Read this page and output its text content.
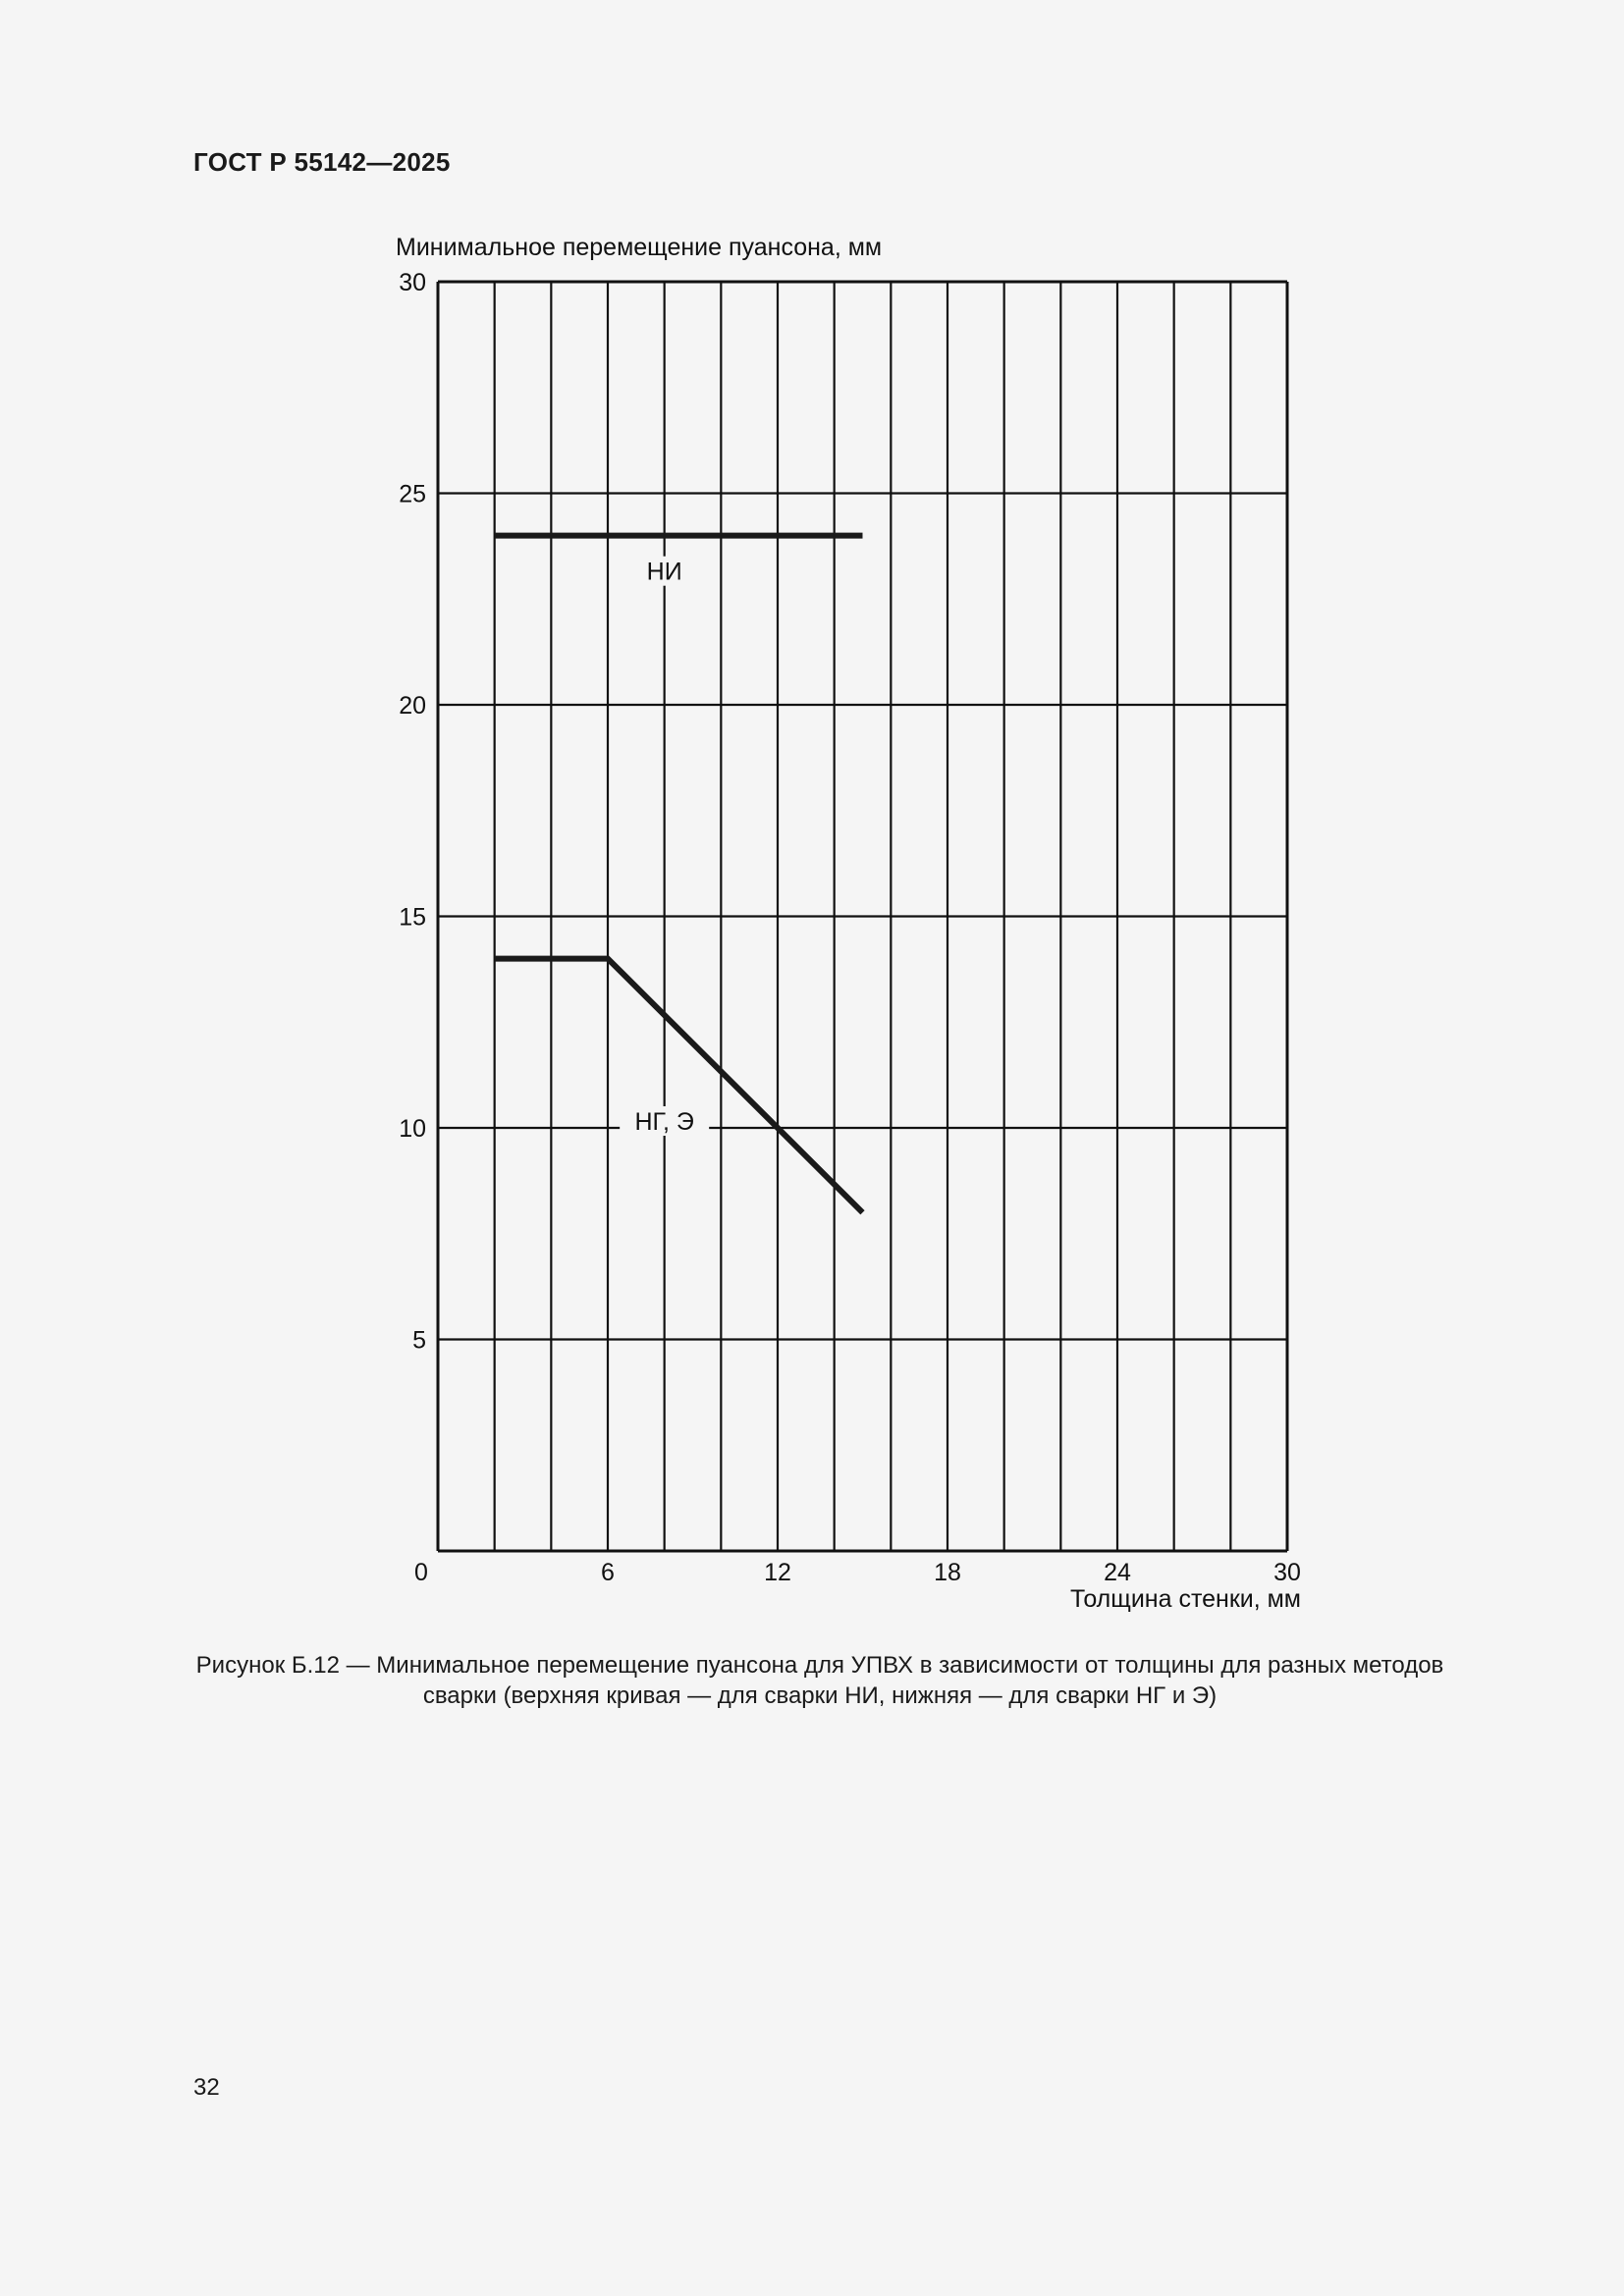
ГОСТ Р 55142—2025
НИ
НГ, Э
0	6	12	18	24	30
5
10
15
20
25
30
Минимальное перемещение пуансона, мм
Толщина стенки, мм
Рисунок Б.12 — Минимальное перемещение пуансона для УПВХ в зависимости от толщины для разных методов сварки (верхняя кривая — для сварки НИ, нижняя — для сварки НГ и Э)
32
